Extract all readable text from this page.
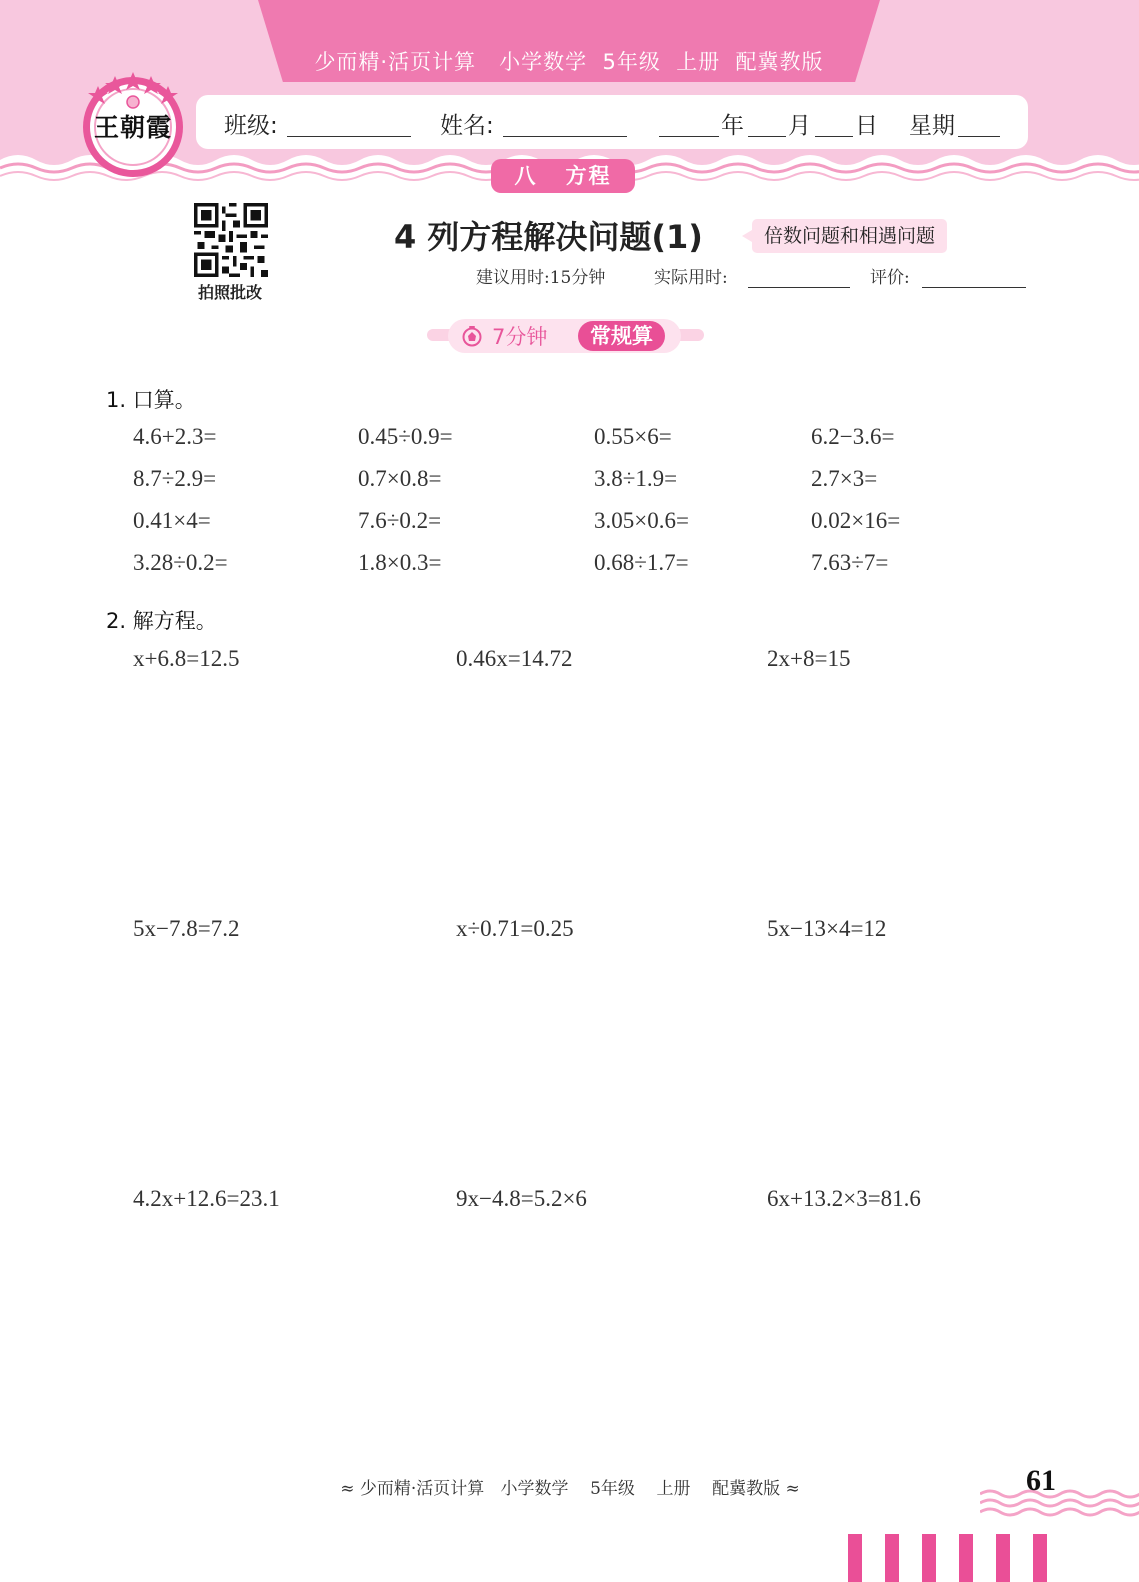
少而精·活页计算   小学数学  5年级  上册  配冀教版
王朝霞	班级:	姓名:	年 月 日 星期
八   方程
拍照批改
4 列方程解决问题(1)	倍数问题和相遇问题
建议用时:15分钟	实际用时:	评价:
7分钟	常规算
1. 口算。
4.6+2.3=	0.45÷0.9=	0.55×6=	6.2−3.6=
8.7÷2.9=	0.7×0.8=	3.8÷1.9=	2.7×3=
0.41×4=	7.6÷0.2=	3.05×0.6=	0.02×16=
3.28÷0.2=	1.8×0.3=	0.68÷1.7=	7.63÷7=
2. 解方程。
x+6.8=12.5	0.46x=14.72	2x+8=15
5x−7.8=7.2	x÷0.71=0.25	5x−13×4=12
4.2x+12.6=23.1	9x−4.8=5.2×6	6x+13.2×3=81.6
≈ 少而精·活页计算   小学数学    5年级    上册    配冀教版 ≈	61
